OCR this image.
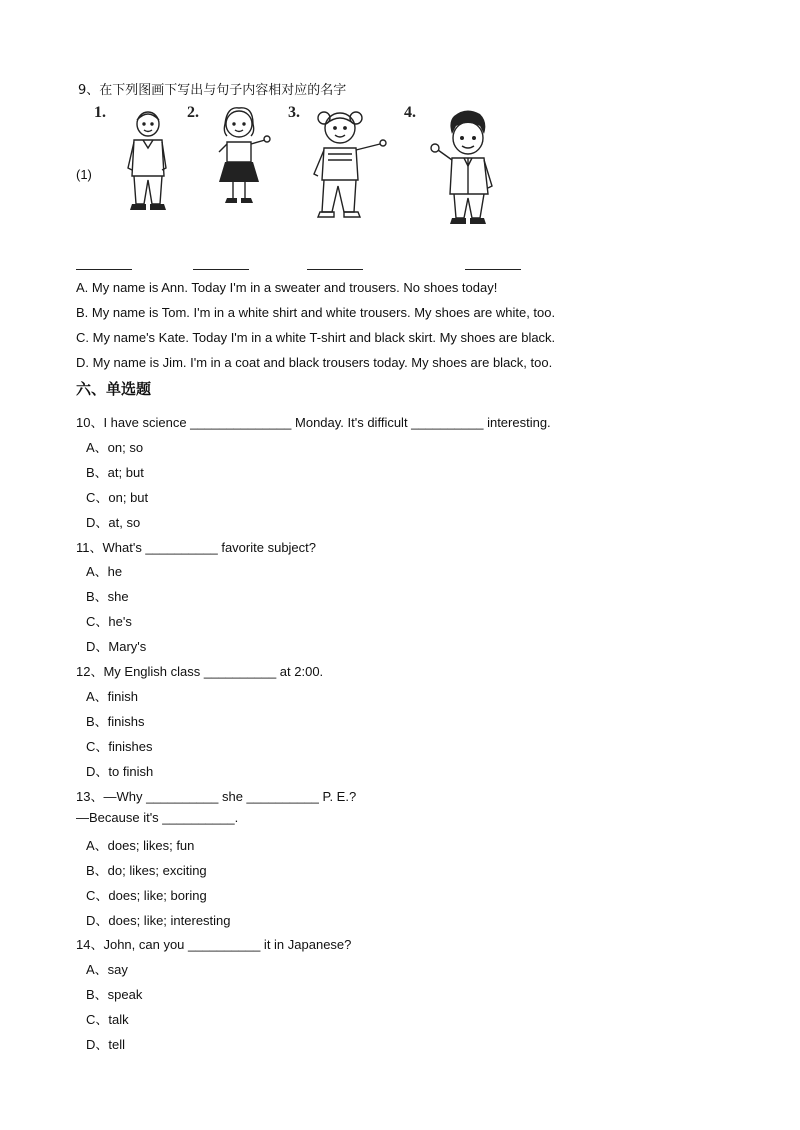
9、在下列图画下写出与句子内容相对应的名字
(1)
1.	2.	3.	4.
A. My name is Ann. Today I'm in a sweater and trousers. No shoes today!
B. My name is Tom. I'm in a white shirt and white trousers. My shoes are white, too.
C. My name's Kate. Today I'm in a white T-shirt and black skirt. My shoes are black.
D. My name is Jim. I'm in a coat and black trousers today. My shoes are black, too.
六、单选题
10、I have science ______________ Monday. It's difficult __________ interesting.
A、on; so
B、at; but
C、on; but
D、at, so
11、What's __________ favorite subject?
A、he
B、she
C、he's
D、Mary's
12、My English class __________ at 2:00.
A、finish
B、finishs
C、finishes
D、to finish
13、—Why __________ she __________ P. E.?
—Because it's __________.
A、does; likes; fun
B、do; likes; exciting
C、does; like; boring
D、does; like; interesting
14、John, can you __________ it in Japanese?
A、say
B、speak
C、talk
D、tell
